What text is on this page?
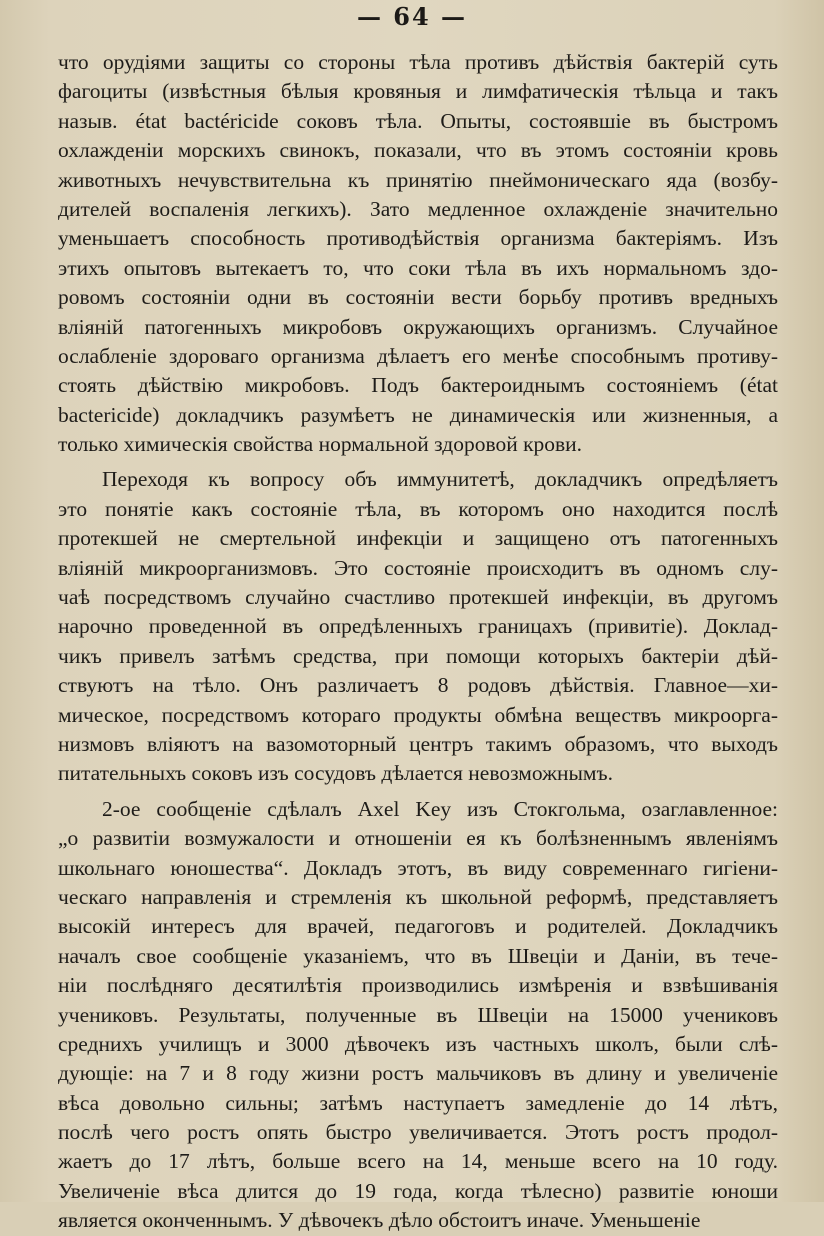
— 64 —
что орудіями защиты со стороны тѣла противъ дѣйствія бактерій суть
фагоциты (извѣстныя бѣлыя кровяныя и лимфатическія тѣльца и такъ
назыв. état bactéricide соковъ тѣла. Опыты, состоявшіе въ быстромъ
охлажденіи морскихъ свинокъ, показали, что въ этомъ состояніи кровь
животныхъ нечувствительна къ принятію пнеймоническаго яда (возбу-
дителей воспаленія легкихъ). Зато медленное охлажденіе значительно
уменьшаетъ способность противодѣйствія организма бактеріямъ. Изъ
этихъ опытовъ вытекаетъ то, что соки тѣла въ ихъ нормальномъ здо-
ровомъ состояніи одни въ состояніи вести борьбу противъ вредныхъ
вліяній патогенныхъ микробовъ окружающихъ организмъ. Случайное
ослабленіе здороваго организма дѣлаетъ его менѣе способнымъ противу-
стоять дѣйствію микробовъ. Подъ бактероиднымъ состояніемъ (état
bactericide) докладчикъ разумѣетъ не динамическія или жизненныя, а
только химическія свойства нормальной здоровой крови.
Переходя къ вопросу объ иммунитетѣ, докладчикъ опредѣляетъ
это понятіе какъ состояніе тѣла, въ которомъ оно находится послѣ
протекшей не смертельной инфекціи и защищено отъ патогенныхъ
вліяній микроорганизмовъ. Это состояніе происходитъ въ одномъ слу-
чаѣ посредствомъ случайно счастливо протекшей инфекціи, въ другомъ
нарочно проведенной въ опредѣленныхъ границахъ (привитіе). Доклад-
чикъ привелъ затѣмъ средства, при помощи которыхъ бактеріи дѣй-
ствуютъ на тѣло. Онъ различаетъ 8 родовъ дѣйствія. Главное—хи-
мическое, посредствомъ котораго продукты обмѣна веществъ микроорга-
низмовъ вліяютъ на вазомоторный центръ такимъ образомъ, что выходъ
питательныхъ соковъ изъ сосудовъ дѣлается невозможнымъ.
2-ое сообщеніе сдѣлалъ Axel Key изъ Стокгольма, озаглавленное:
„о развитіи возмужалости и отношеніи ея къ болѣзненнымъ явленіямъ
школьнаго юношества“. Докладъ этотъ, въ виду современнаго гигіени-
ческаго направленія и стремленія къ школьной реформѣ, представляетъ
высокій интересъ для врачей, педагоговъ и родителей. Докладчикъ
началъ свое сообщеніе указаніемъ, что въ Швеціи и Даніи, въ тече-
ніи послѣдняго десятилѣтія производились измѣренія и взвѣшиванія
учениковъ. Результаты, полученные въ Швеціи на 15000 учениковъ
среднихъ училищъ и 3000 дѣвочекъ изъ частныхъ школъ, были слѣ-
дующіе: на 7 и 8 году жизни ростъ мальчиковъ въ длину и увеличеніе
вѣса довольно сильны; затѣмъ наступаетъ замедленіе до 14 лѣтъ,
послѣ чего ростъ опять быстро увеличивается. Этотъ ростъ продол-
жаетъ до 17 лѣтъ, больше всего на 14, меньше всего на 10 году.
Увеличеніе вѣса длится до 19 года, когда тѣлесно) развитіе юноши
является оконченнымъ. У дѣвочекъ дѣло обстоитъ иначе. Уменьшеніе
